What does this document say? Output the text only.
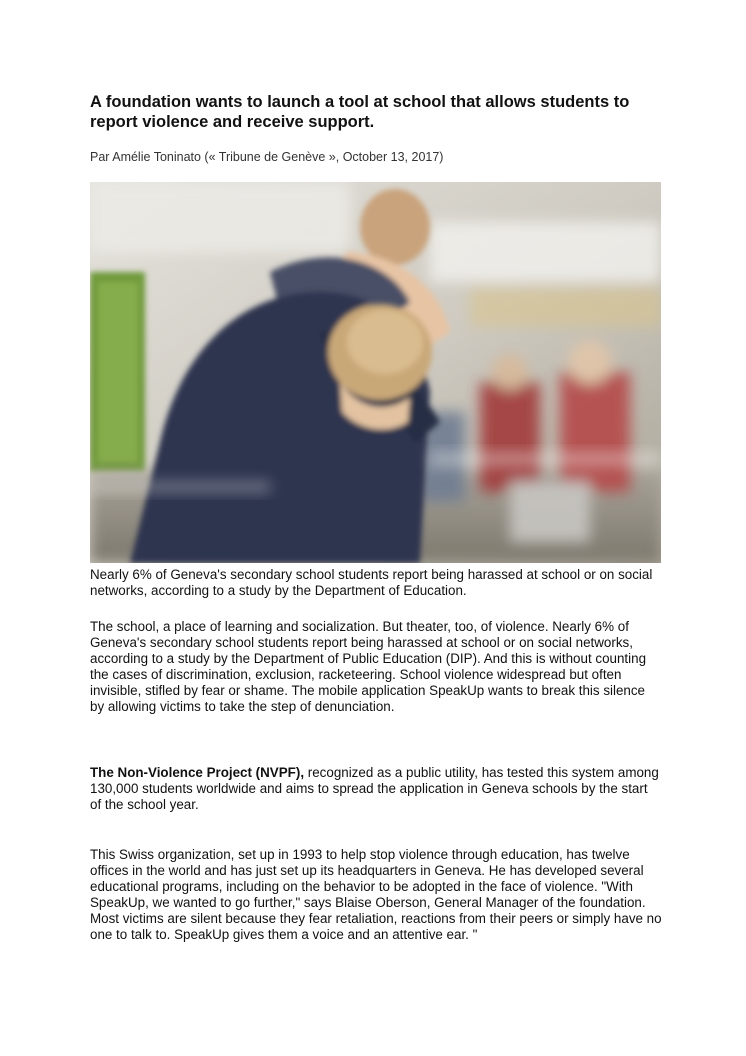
A foundation wants to launch a tool at school that allows students to report violence and receive support.

Par Amélie Toninato (« Tribune de Genève », October 13, 2017)

Nearly 6% of Geneva's secondary school students report being harassed at school or on social networks, according to a study by the Department of Education.

The school, a place of learning and socialization. But theater, too, of violence. Nearly 6% of Geneva's secondary school students report being harassed at school or on social networks, according to a study by the Department of Public Education (DIP). And this is without counting the cases of discrimination, exclusion, racketeering. School violence widespread but often invisible, stifled by fear or shame. The mobile application SpeakUp wants to break this silence by allowing victims to take the step of denunciation.

The Non-Violence Project (NVPF), recognized as a public utility, has tested this system among 130,000 students worldwide and aims to spread the application in Geneva schools by the start of the school year.

This Swiss organization, set up in 1993 to help stop violence through education, has twelve offices in the world and has just set up its headquarters in Geneva. He has developed several educational programs, including on the behavior to be adopted in the face of violence. "With SpeakUp, we wanted to go further," says Blaise Oberson, General Manager of the foundation. Most victims are silent because they fear retaliation, reactions from their peers or simply have no one to talk to. SpeakUp gives them a voice and an attentive ear. "
